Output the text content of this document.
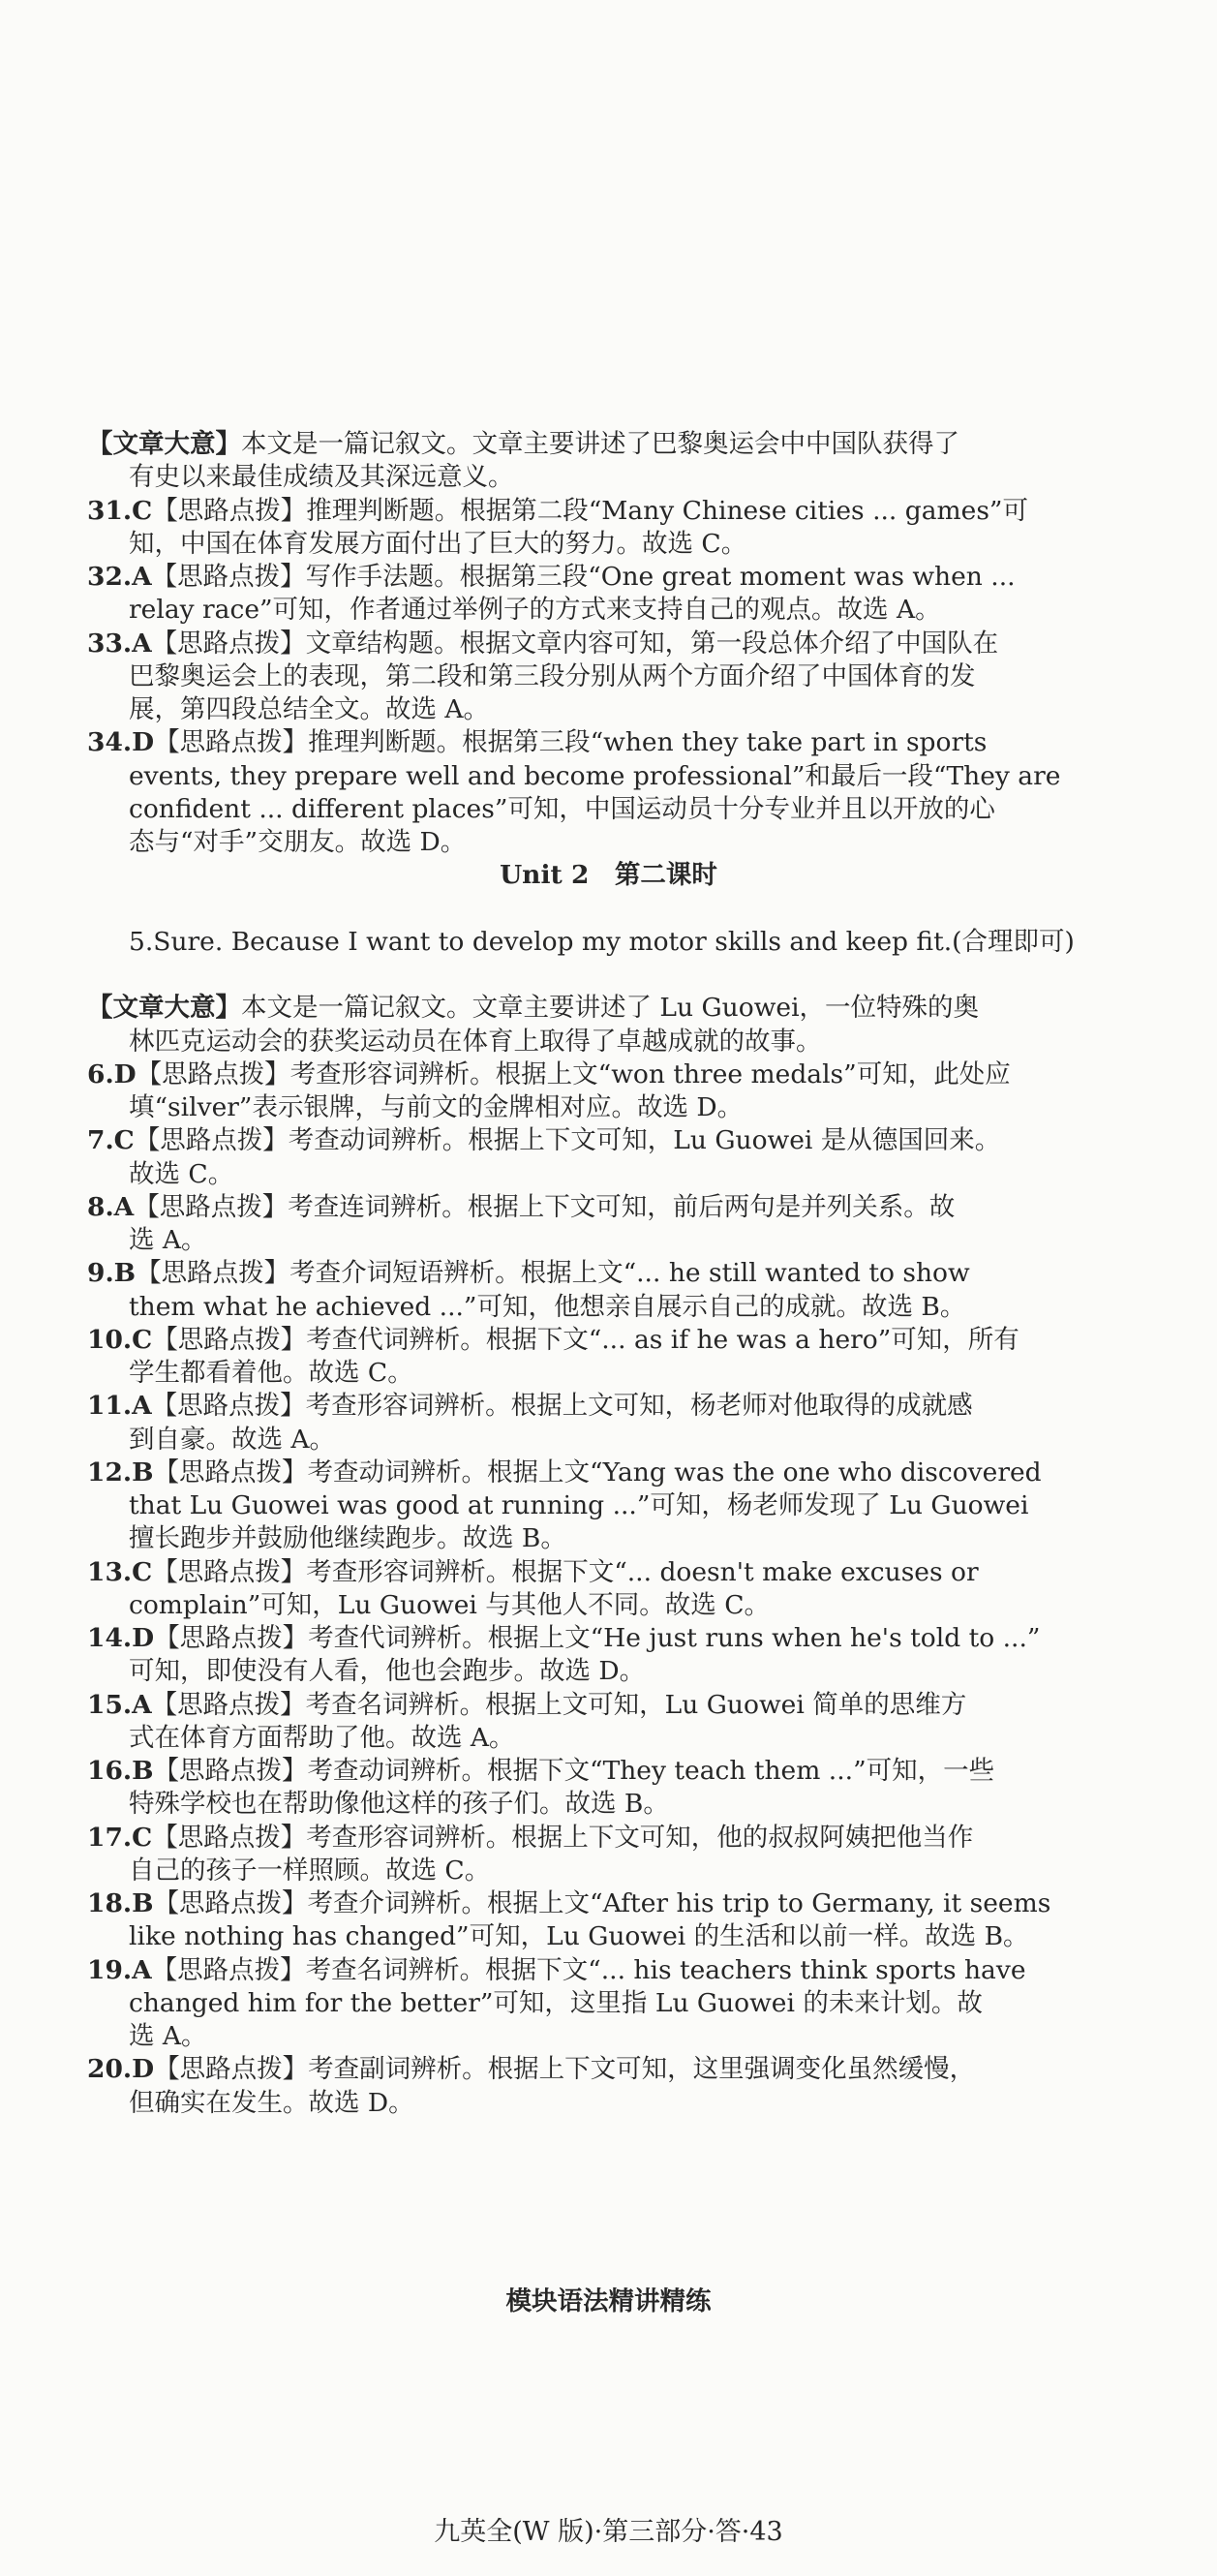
【文章大意】本文是一篇记叙文。文章主要讲述了巴黎奥运会中中国队获得了
有史以来最佳成绩及其深远意义。
31.C【思路点拨】推理判断题。根据第二段“Many Chinese cities ... games”可
知，中国在体育发展方面付出了巨大的努力。故选 C。
32.A【思路点拨】写作手法题。根据第三段“One great moment was when ...
relay race”可知，作者通过举例子的方式来支持自己的观点。故选 A。
33.A【思路点拨】文章结构题。根据文章内容可知，第一段总体介绍了中国队在
巴黎奥运会上的表现，第二段和第三段分别从两个方面介绍了中国体育的发
展，第四段总结全文。故选 A。
34.D【思路点拨】推理判断题。根据第三段“when they take part in sports
events, they prepare well and become professional”和最后一段“They are
confident ... different places”可知，中国运动员十分专业并且以开放的心
态与“对手”交朋友。故选 D。
Unit 2　第二课时
5.Sure. Because I want to develop my motor skills and keep fit.(合理即可)
【文章大意】本文是一篇记叙文。文章主要讲述了 Lu Guowei，一位特殊的奥
林匹克运动会的获奖运动员在体育上取得了卓越成就的故事。
6.D【思路点拨】考查形容词辨析。根据上文“won three medals”可知，此处应
填“silver”表示银牌，与前文的金牌相对应。故选 D。
7.C【思路点拨】考查动词辨析。根据上下文可知，Lu Guowei 是从德国回来。
故选 C。
8.A【思路点拨】考查连词辨析。根据上下文可知，前后两句是并列关系。故
选 A。
9.B【思路点拨】考查介词短语辨析。根据上文“... he still wanted to show
them what he achieved ...”可知，他想亲自展示自己的成就。故选 B。
10.C【思路点拨】考查代词辨析。根据下文“... as if he was a hero”可知，所有
学生都看着他。故选 C。
11.A【思路点拨】考查形容词辨析。根据上文可知，杨老师对他取得的成就感
到自豪。故选 A。
12.B【思路点拨】考查动词辨析。根据上文“Yang was the one who discovered
that Lu Guowei was good at running ...”可知，杨老师发现了 Lu Guowei
擅长跑步并鼓励他继续跑步。故选 B。
13.C【思路点拨】考查形容词辨析。根据下文“... doesn't make excuses or
complain”可知，Lu Guowei 与其他人不同。故选 C。
14.D【思路点拨】考查代词辨析。根据上文“He just runs when he's told to ...”
可知，即使没有人看，他也会跑步。故选 D。
15.A【思路点拨】考查名词辨析。根据上文可知，Lu Guowei 简单的思维方
式在体育方面帮助了他。故选 A。
16.B【思路点拨】考查动词辨析。根据下文“They teach them ...”可知，一些
特殊学校也在帮助像他这样的孩子们。故选 B。
17.C【思路点拨】考查形容词辨析。根据上下文可知，他的叔叔阿姨把他当作
自己的孩子一样照顾。故选 C。
18.B【思路点拨】考查介词辨析。根据上文“After his trip to Germany, it seems
like nothing has changed”可知，Lu Guowei 的生活和以前一样。故选 B。
19.A【思路点拨】考查名词辨析。根据下文“... his teachers think sports have
changed him for the better”可知，这里指 Lu Guowei 的未来计划。故
选 A。
20.D【思路点拨】考查副词辨析。根据上下文可知，这里强调变化虽然缓慢，
但确实在发生。故选 D。
模块语法精讲精练
九英全(W 版)·第三部分·答·43
